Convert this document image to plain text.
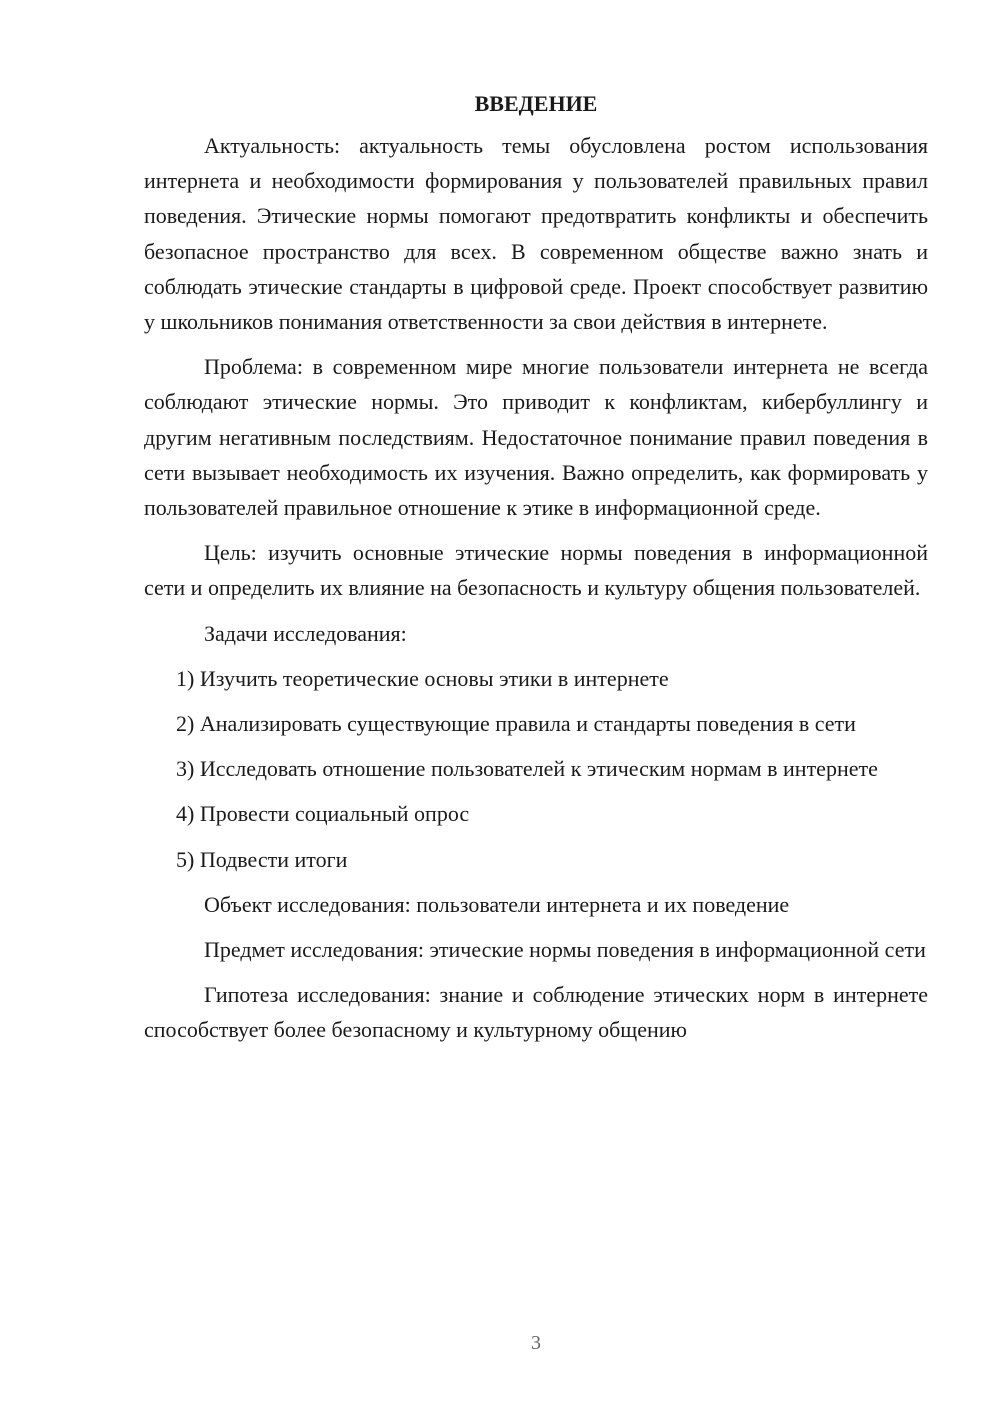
ВВЕДЕНИЕ

Актуальность: актуальность темы обусловлена ростом использования интернета и необходимости формирования у пользователей правильных правил поведения. Этические нормы помогают предотвратить конфликты и обеспечить безопасное пространство для всех. В современном обществе важно знать и соблюдать этические стандарты в цифровой среде. Проект способствует развитию у школьников понимания ответственности за свои действия в интернете.

Проблема: в современном мире многие пользователи интернета не всегда соблюдают этические нормы. Это приводит к конфликтам, кибербуллингу и другим негативным последствиям. Недостаточное понимание правил поведения в сети вызывает необходимость их изучения. Важно определить, как формировать у пользователей правильное отношение к этике в информационной среде.

Цель: изучить основные этические нормы поведения в информационной сети и определить их влияние на безопасность и культуру общения пользователей.

Задачи исследования:

1) Изучить теоретические основы этики в интернете

2) Анализировать существующие правила и стандарты поведения в сети

3) Исследовать отношение пользователей к этическим нормам в интернете

4) Провести социальный опрос

5) Подвести итоги

Объект исследования: пользователи интернета и их поведение

Предмет исследования: этические нормы поведения в информационной сети

Гипотеза исследования: знание и соблюдение этических норм в интернете способствует более безопасному и культурному общению

3
